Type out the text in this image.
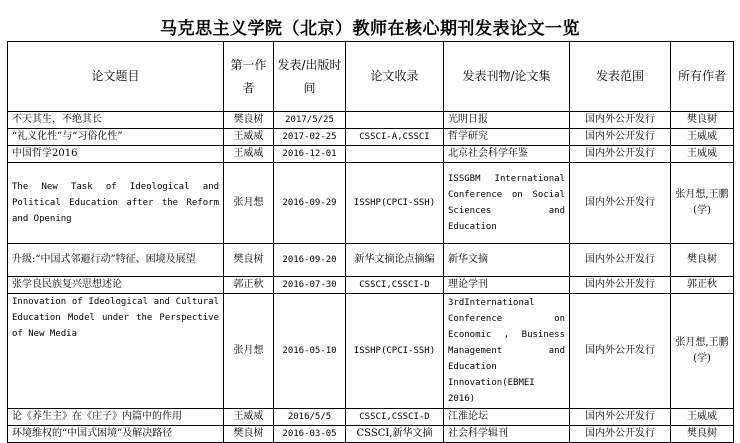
马克思主义学院（北京）教师在核心期刊发表论文一览
论文题目	第一作者	发表/出版时间	论文收录	发表刊物/论文集	发表范围	所有作者
不天其生，不绝其长	樊良树	2017/5/25		光明日报	国内外公开发行	樊良树
“礼义化性”与“习俗化性”	王威威	2017-02-25	CSSCI-A,CSSCI	哲学研究	国内外公开发行	王威威
中国哲学2016	王威威	2016-12-01		北京社会科学年鉴	国内外公开发行	王威威
The New Task of Ideological and Political Education after the Reform and Opening	张月想	2016-09-29	ISSHP(CPCI-SSH)	ISSGBM International Conference on Social Sciences and Education	国内外公开发行	张月想,王鹏(学)
升级:“中国式邻避行动”特征、困境及展望	樊良树	2016-09-20	新华文摘论点摘编	新华文摘	国内外公开发行	樊良树
张学良民族复兴思想述论	郭正秋	2016-07-30	CSSCI,CSSCI-D	理论学刊	国内外公开发行	郭正秋
Innovation of Ideological and Cultural Education Model under the Perspective of New Media	张月想	2016-05-10	ISSHP(CPCI-SSH)	3rdInternational Conference on Economic , Business Management and Education Innovation(EBMEI 2016)	国内外公开发行	张月想,王鹏(学)
论《养生主》在《庄子》内篇中的作用	王威威	2016/5/5	CSSCI,CSSCI-D	江淮论坛	国内外公开发行	王威威
环境维权的“中国式困境”及解决路径	樊良树	2016-03-05	CSSCI,新华文摘	社会科学辑刊	国内外公开发行	樊良树
